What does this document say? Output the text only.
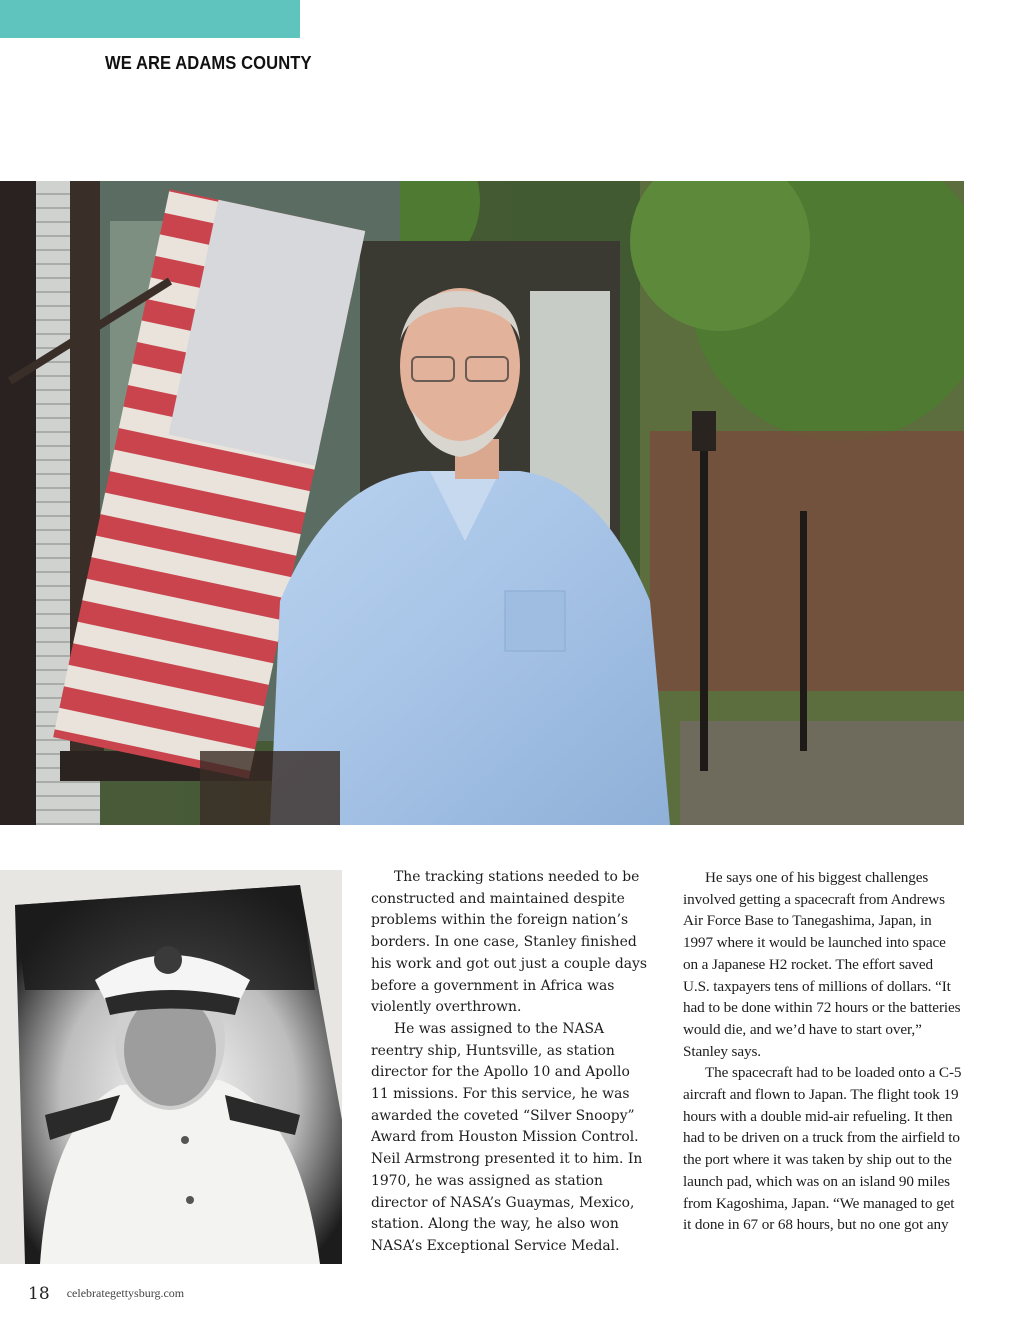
WE ARE ADAMS COUNTY

The tracking stations needed to be constructed and maintained despite problems within the foreign nation’s borders. In one case, Stanley finished his work and got out just a couple days before a government in Africa was violently overthrown.

He was assigned to the NASA reentry ship, Huntsville, as station director for the Apollo 10 and Apollo 11 missions. For this service, he was awarded the coveted “Silver Snoopy” Award from Houston Mission Control. Neil Armstrong presented it to him. In 1970, he was assigned as station director of NASA’s Guaymas, Mexico, station. Along the way, he also won NASA’s Exceptional Service Medal.

He says one of his biggest challenges involved getting a spacecraft from Andrews Air Force Base to Tanegashima, Japan, in 1997 where it would be launched into space on a Japanese H2 rocket. The effort saved U.S. taxpayers tens of millions of dollars. “It had to be done within 72 hours or the batteries would die, and we’d have to start over,” Stanley says.

The spacecraft had to be loaded onto a C-5 aircraft and flown to Japan. The flight took 19 hours with a double mid-air refueling. It then had to be driven on a truck from the airfield to the port where it was taken by ship out to the launch pad, which was on an island 90 miles from Kagoshima, Japan. “We managed to get it done in 67 or 68 hours, but no one got any

18 celebrategettysburg.com
